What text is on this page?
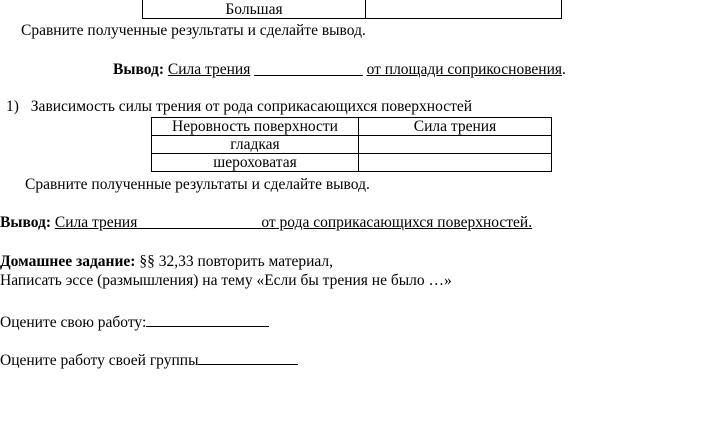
Большая	
Сравните полученные результаты и сделайте вывод.
Вывод: Сила трения ______________ от площади соприкосновения.
1) Зависимость силы трения от рода соприкасающихся поверхностей
Неровность поверхности	Сила трения
гладкая	
шероховатая	
Сравните полученные результаты и сделайте вывод.
Вывод: Сила трения________________от рода соприкасающихся поверхностей.
Домашнее задание: §§ 32,33 повторить материал,
Написать эссе (размышления) на тему «Если бы трения не было …»
Оцените свою работу:
Оцените работу своей группы
